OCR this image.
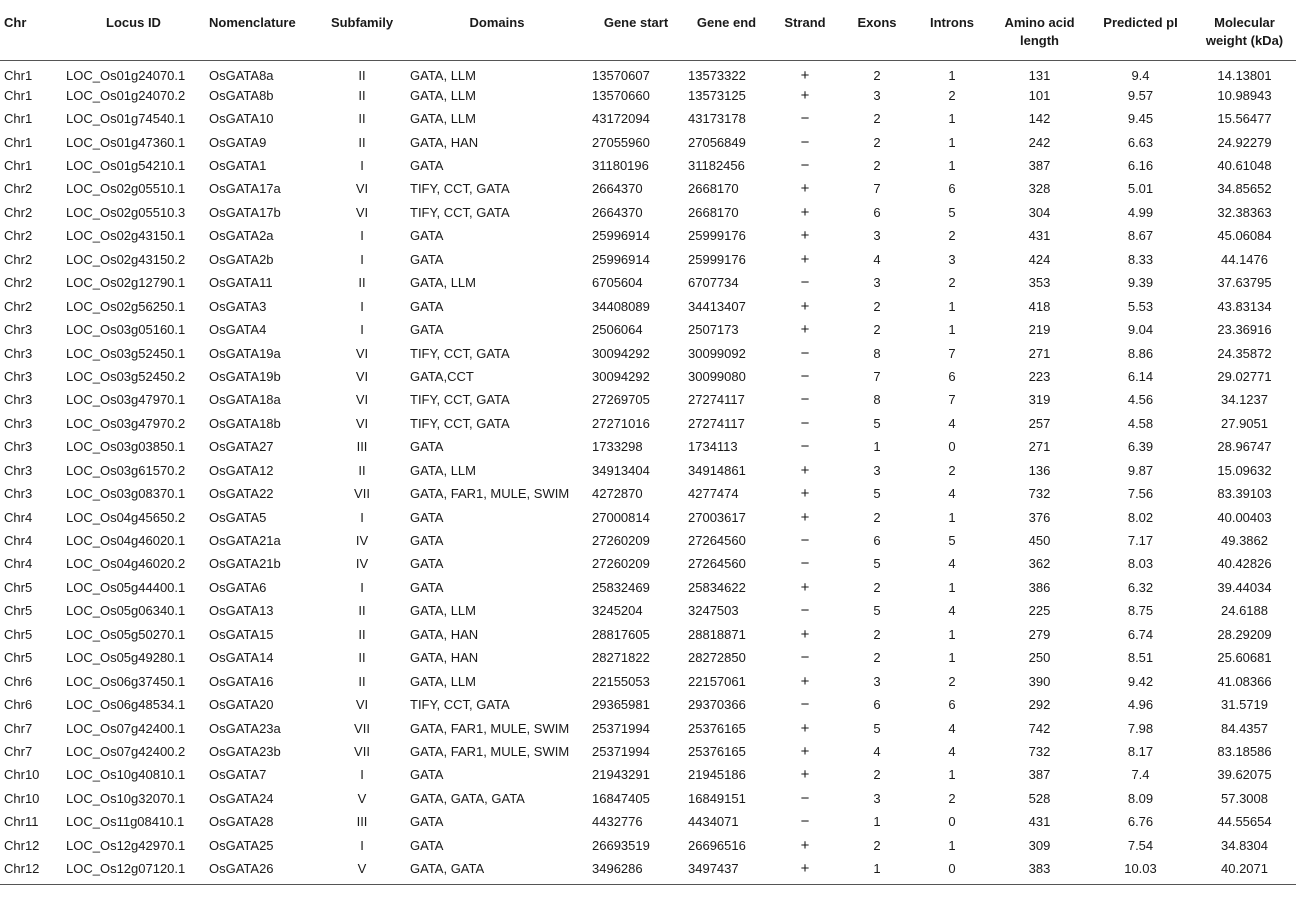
Chr	Locus ID	Nomenclature	Subfamily	Domains	Gene start	Gene end	Strand	Exons	Introns	Amino acid length	Predicted pI	Molecular weight (kDa)
Chr1	LOC_Os01g24070.1	OsGATA8a	II	GATA, LLM	13570607	13573322	+	2	1	131	9.4	14.13801
Chr1	LOC_Os01g24070.2	OsGATA8b	II	GATA, LLM	13570660	13573125	+	3	2	101	9.57	10.98943
Chr1	LOC_Os01g74540.1	OsGATA10	II	GATA, LLM	43172094	43173178	−	2	1	142	9.45	15.56477
Chr1	LOC_Os01g47360.1	OsGATA9	II	GATA, HAN	27055960	27056849	−	2	1	242	6.63	24.92279
Chr1	LOC_Os01g54210.1	OsGATA1	I	GATA	31180196	31182456	−	2	1	387	6.16	40.61048
Chr2	LOC_Os02g05510.1	OsGATA17a	VI	TIFY, CCT, GATA	2664370	2668170	+	7	6	328	5.01	34.85652
Chr2	LOC_Os02g05510.3	OsGATA17b	VI	TIFY, CCT, GATA	2664370	2668170	+	6	5	304	4.99	32.38363
Chr2	LOC_Os02g43150.1	OsGATA2a	I	GATA	25996914	25999176	+	3	2	431	8.67	45.06084
Chr2	LOC_Os02g43150.2	OsGATA2b	I	GATA	25996914	25999176	+	4	3	424	8.33	44.1476
Chr2	LOC_Os02g12790.1	OsGATA11	II	GATA, LLM	6705604	6707734	−	3	2	353	9.39	37.63795
Chr2	LOC_Os02g56250.1	OsGATA3	I	GATA	34408089	34413407	+	2	1	418	5.53	43.83134
Chr3	LOC_Os03g05160.1	OsGATA4	I	GATA	2506064	2507173	+	2	1	219	9.04	23.36916
Chr3	LOC_Os03g52450.1	OsGATA19a	VI	TIFY, CCT, GATA	30094292	30099092	−	8	7	271	8.86	24.35872
Chr3	LOC_Os03g52450.2	OsGATA19b	VI	GATA,CCT	30094292	30099080	−	7	6	223	6.14	29.02771
Chr3	LOC_Os03g47970.1	OsGATA18a	VI	TIFY, CCT, GATA	27269705	27274117	−	8	7	319	4.56	34.1237
Chr3	LOC_Os03g47970.2	OsGATA18b	VI	TIFY, CCT, GATA	27271016	27274117	−	5	4	257	4.58	27.9051
Chr3	LOC_Os03g03850.1	OsGATA27	III	GATA	1733298	1734113	−	1	0	271	6.39	28.96747
Chr3	LOC_Os03g61570.2	OsGATA12	II	GATA, LLM	34913404	34914861	+	3	2	136	9.87	15.09632
Chr3	LOC_Os03g08370.1	OsGATA22	VII	GATA, FAR1, MULE, SWIM	4272870	4277474	+	5	4	732	7.56	83.39103
Chr4	LOC_Os04g45650.2	OsGATA5	I	GATA	27000814	27003617	+	2	1	376	8.02	40.00403
Chr4	LOC_Os04g46020.1	OsGATA21a	IV	GATA	27260209	27264560	−	6	5	450	7.17	49.3862
Chr4	LOC_Os04g46020.2	OsGATA21b	IV	GATA	27260209	27264560	−	5	4	362	8.03	40.42826
Chr5	LOC_Os05g44400.1	OsGATA6	I	GATA	25832469	25834622	+	2	1	386	6.32	39.44034
Chr5	LOC_Os05g06340.1	OsGATA13	II	GATA, LLM	3245204	3247503	−	5	4	225	8.75	24.6188
Chr5	LOC_Os05g50270.1	OsGATA15	II	GATA, HAN	28817605	28818871	+	2	1	279	6.74	28.29209
Chr5	LOC_Os05g49280.1	OsGATA14	II	GATA, HAN	28271822	28272850	−	2	1	250	8.51	25.60681
Chr6	LOC_Os06g37450.1	OsGATA16	II	GATA, LLM	22155053	22157061	+	3	2	390	9.42	41.08366
Chr6	LOC_Os06g48534.1	OsGATA20	VI	TIFY, CCT, GATA	29365981	29370366	−	6	6	292	4.96	31.5719
Chr7	LOC_Os07g42400.1	OsGATA23a	VII	GATA, FAR1, MULE, SWIM	25371994	25376165	+	5	4	742	7.98	84.4357
Chr7	LOC_Os07g42400.2	OsGATA23b	VII	GATA, FAR1, MULE, SWIM	25371994	25376165	+	4	4	732	8.17	83.18586
Chr10	LOC_Os10g40810.1	OsGATA7	I	GATA	21943291	21945186	+	2	1	387	7.4	39.62075
Chr10	LOC_Os10g32070.1	OsGATA24	V	GATA, GATA, GATA	16847405	16849151	−	3	2	528	8.09	57.3008
Chr11	LOC_Os11g08410.1	OsGATA28	III	GATA	4432776	4434071	−	1	0	431	6.76	44.55654
Chr12	LOC_Os12g42970.1	OsGATA25	I	GATA	26693519	26696516	+	2	1	309	7.54	34.8304
Chr12	LOC_Os12g07120.1	OsGATA26	V	GATA, GATA	3496286	3497437	+	1	0	383	10.03	40.2071
